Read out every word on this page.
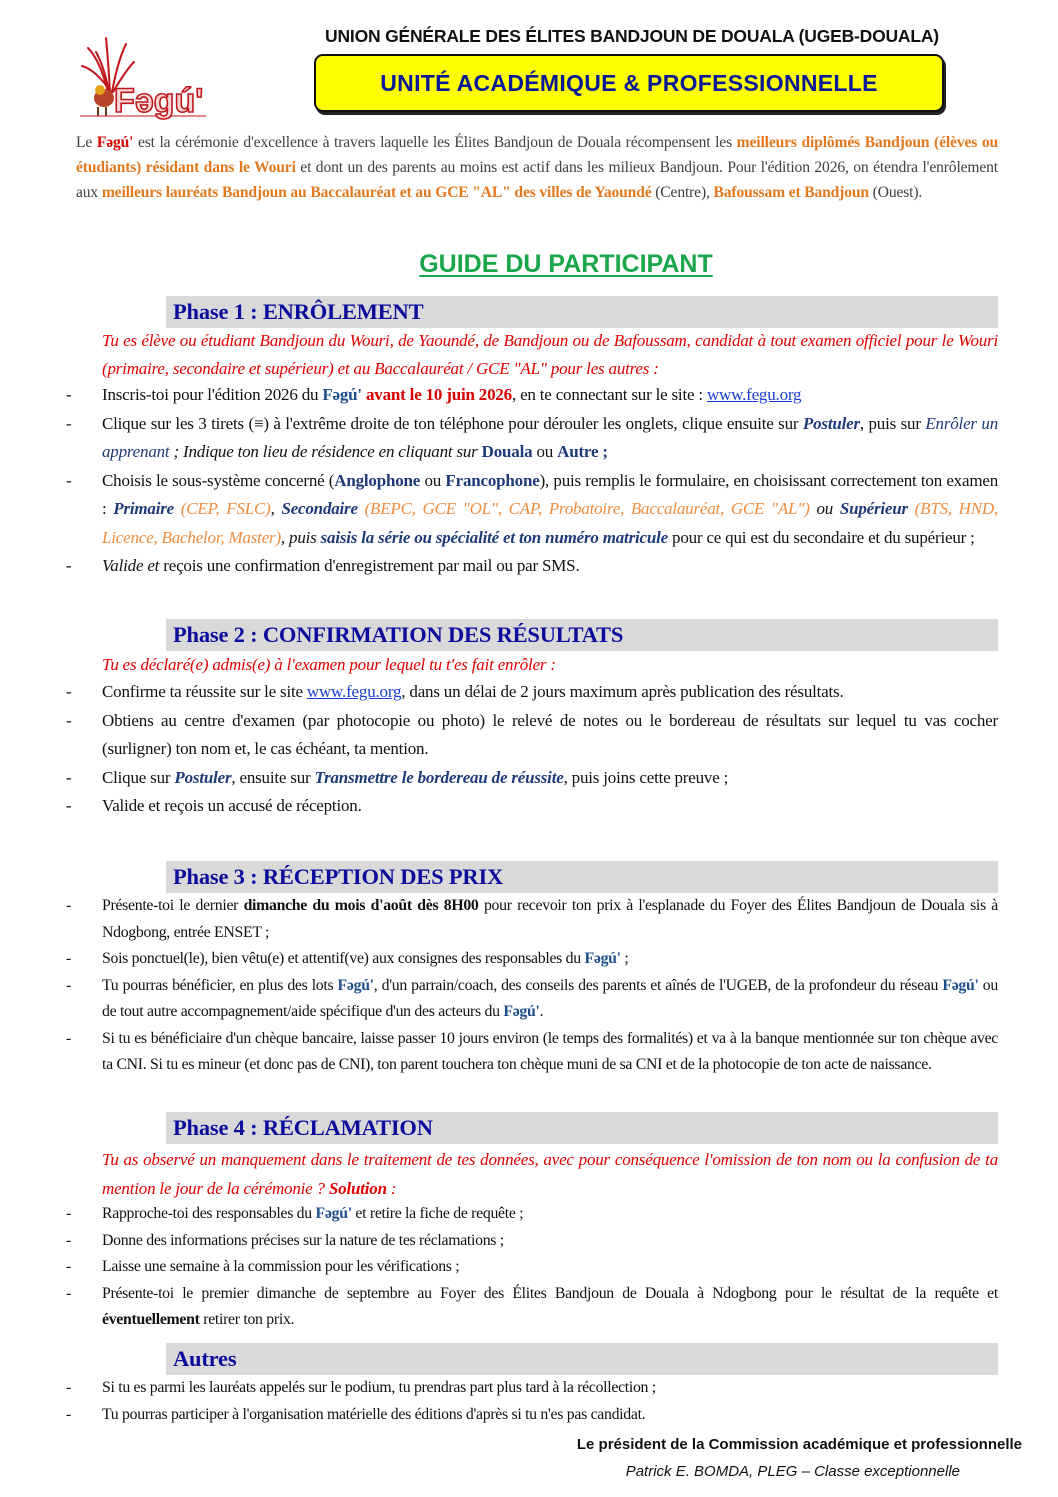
Fəgú'
UNION GÉNÉRALE DES ÉLITES BANDJOUN DE DOUALA (UGEB-DOUALA)
UNITÉ ACADÉMIQUE & PROFESSIONNELLE
Le Fəgú' est la cérémonie d'excellence à travers laquelle les Élites Bandjoun de Douala récompensent les meilleurs diplômés Bandjoun (élèves ou étudiants) résidant dans le Wouri et dont un des parents au moins est actif dans les milieux Bandjoun. Pour l'édition 2026, on étendra l'enrôlement aux meilleurs lauréats Bandjoun au Baccalauréat et au GCE "AL" des villes de Yaoundé (Centre), Bafoussam et Bandjoun (Ouest).
GUIDE DU PARTICIPANT
Phase 1 : ENRÔLEMENT
Tu es élève ou étudiant Bandjoun du Wouri, de Yaoundé, de Bandjoun ou de Bafoussam, candidat à tout examen officiel pour le Wouri (primaire, secondaire et supérieur) et au Baccalauréat / GCE "AL" pour les autres :
- Inscris-toi pour l'édition 2026 du Fəgú' avant le 10 juin 2026, en te connectant sur le site : www.fegu.org
- Clique sur les 3 tirets (≡) à l'extrême droite de ton téléphone pour dérouler les onglets, clique ensuite sur Postuler, puis sur Enrôler un apprenant ; Indique ton lieu de résidence en cliquant sur Douala ou Autre ;
- Choisis le sous-système concerné (Anglophone ou Francophone), puis remplis le formulaire, en choisissant correctement ton examen : Primaire (CEP, FSLC), Secondaire (BEPC, GCE "OL", CAP, Probatoire, Baccalauréat, GCE "AL") ou Supérieur (BTS, HND, Licence, Bachelor, Master), puis saisis la série ou spécialité et ton numéro matricule pour ce qui est du secondaire et du supérieur ;
- Valide et reçois une confirmation d'enregistrement par mail ou par SMS.
Phase 2 : CONFIRMATION DES RÉSULTATS
Tu es déclaré(e) admis(e) à l'examen pour lequel tu t'es fait enrôler :
- Confirme ta réussite sur le site www.fegu.org, dans un délai de 2 jours maximum après publication des résultats.
- Obtiens au centre d'examen (par photocopie ou photo) le relevé de notes ou le bordereau de résultats sur lequel tu vas cocher (surligner) ton nom et, le cas échéant, ta mention.
- Clique sur Postuler, ensuite sur Transmettre le bordereau de réussite, puis joins cette preuve ;
- Valide et reçois un accusé de réception.
Phase 3 : RÉCEPTION DES PRIX
- Présente-toi le dernier dimanche du mois d'août dès 8H00 pour recevoir ton prix à l'esplanade du Foyer des Élites Bandjoun de Douala sis à Ndogbong, entrée ENSET ;
- Sois ponctuel(le), bien vêtu(e) et attentif(ve) aux consignes des responsables du Fəgú' ;
- Tu pourras bénéficier, en plus des lots Fəgú', d'un parrain/coach, des conseils des parents et aînés de l'UGEB, de la profondeur du réseau Fəgú' ou de tout autre accompagnement/aide spécifique d'un des acteurs du Fəgú'.
- Si tu es bénéficiaire d'un chèque bancaire, laisse passer 10 jours environ (le temps des formalités) et va à la banque mentionnée sur ton chèque avec ta CNI. Si tu es mineur (et donc pas de CNI), ton parent touchera ton chèque muni de sa CNI et de la photocopie de ton acte de naissance.
Phase 4 : RÉCLAMATION
Tu as observé un manquement dans le traitement de tes données, avec pour conséquence l'omission de ton nom ou la confusion de ta mention le jour de la cérémonie ? Solution :
- Rapproche-toi des responsables du Fəgú' et retire la fiche de requête ;
- Donne des informations précises sur la nature de tes réclamations ;
- Laisse une semaine à la commission pour les vérifications ;
- Présente-toi le premier dimanche de septembre au Foyer des Élites Bandjoun de Douala à Ndogbong pour le résultat de la requête et éventuellement retirer ton prix.
Autres
- Si tu es parmi les lauréats appelés sur le podium, tu prendras part plus tard à la récollection ;
- Tu pourras participer à l'organisation matérielle des éditions d'après si tu n'es pas candidat.
Le président de la Commission académique et professionnelle
Patrick E. BOMDA, PLEG – Classe exceptionnelle
